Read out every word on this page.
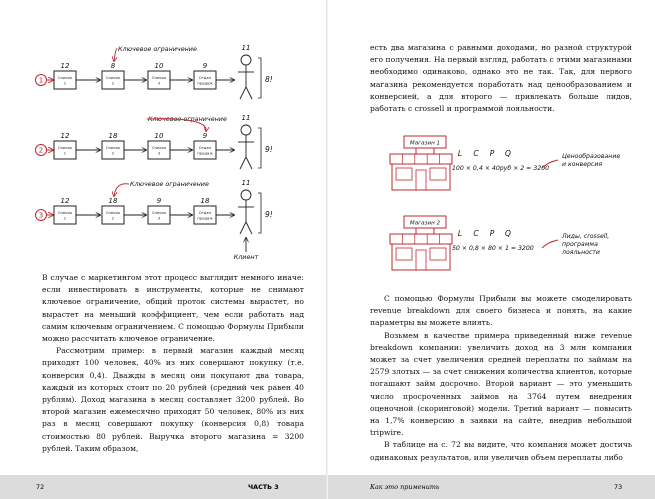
1	Список
1
12
Список
2
8
Список
3
10
Отдел
продаж
9
11
8!
Ключевое ограничение
2	Список
1
12
Список
2
18
Список
3
10
Отдел
продаж
9
11
9!
Ключевое ограничение
3	Список
1
12
Список
2
18
Список
3
9
Отдел
продаж
18
11
9!
Ключевое ограничение
Клиент

В случае с маркетингом этот процесс выглядит немного иначе: если инвестировать в инструменты, которые не снимают ключевое ограничение, общий проток системы вырастет, но вырастет на меньший коэффициент, чем если работать над самим ключевым ограничением. С помощью Формулы Прибыли можно рассчитать ключевое ограничение.

Рассмотрим пример: в первый магазин каждый месяц приходят 100 человек, 40% из них совершают покупку (т.е. конверсия 0,4). Дважды в месяц они покупают два товара, каждый из которых стоит по 20 рублей (средний чек равен 40 рублям). Доход магазина в месяц составляет 3200 рублей. Во второй магазин ежемесячно приходят 50 человек, 80% из них раз в месяц совершают покупку (конверсия 0,8) товара стоимостью 80 рублей. Выручка второго магазина = 3200 рублей. Таким образом,

72	ЧАСТЬ 3

есть два магазина с равными доходами, но разной структурой его получения. На первый взгляд, работать с этими магазинами необходимо одинаково, однако это не так. Так, для первого магазина рекомендуется поработать над ценообразованием и конверсией, а для второго — привлекать больше лидов, работать с crossell и программой лояльности.

Магазин 1
L C P Q
100 × 0,4 × 40руб × 2 = 3200
Ценообразование
и конверсия
Магазин 2
L C P Q
50 × 0,8 × 80 × 1 = 3200
Лиды, crossell,
программа
лояльности

С помощью Формулы Прибыли вы можете смоделировать revenue breakdown для своего бизнеса и понять, на какие параметры вы можете влиять.

Возьмем в качестве примера приведенный ниже revenue breakdown компании: увеличить доход на 3 млн компания может за счет увеличения средней переплаты по займам на 2579 злотых — за счет снижения количества клиентов, которые погашают займ досрочно. Второй вариант — это уменьшить число просроченных займов на 3764 путем внедрения оценочной (скоринговой) модели. Третий вариант — повысить на 1,7% конверсию в заявки на сайте, внедрив небольшой tripwire.

В таблице на с. 72 вы видите, что компания может достичь одинаковых результатов, или увеличив объем переплаты либо

Как это применить	73
